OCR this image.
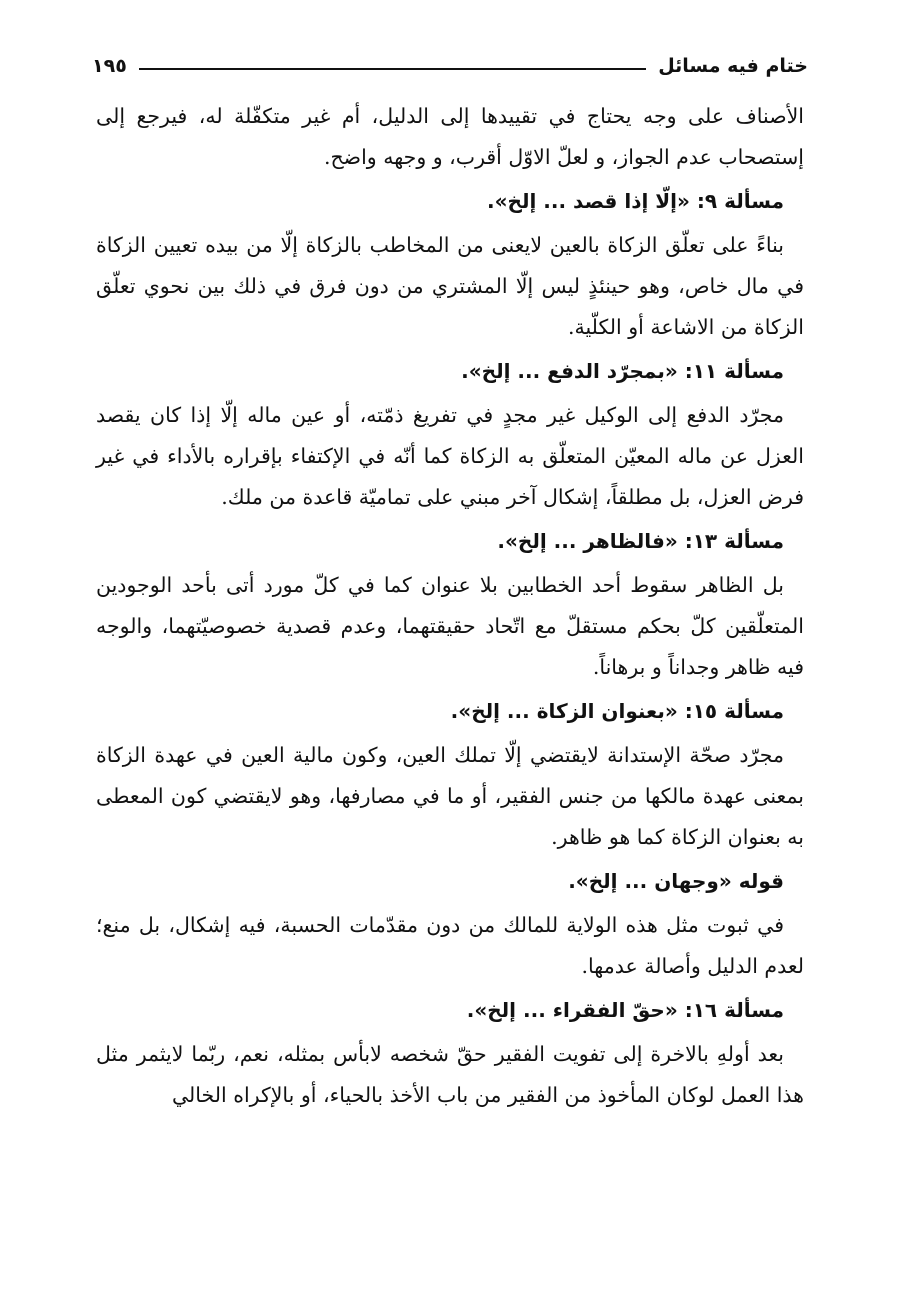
ختام فيه مسائل
١٩٥

الأصناف على وجه يحتاج في تقييدها إلى الدليل، أم غير متكفّلة له، فيرجع إلى إستصحاب عدم الجواز، و لعلّ الاوّل أقرب، و وجهه واضح.

مسألة ٩: «إلّا إذا قصد ... إلخ».

بناءً على تعلّق الزكاة بالعين لايعنى من المخاطب بالزكاة إلّا من بيده تعيين الزكاة في مال خاص، وهو حينئذٍ ليس إلّا المشتري من دون فرق في ذلك بين نحوي تعلّق الزكاة من الاشاعة أو الكلّية.

مسألة ١١: «بمجرّد الدفع ... إلخ».

مجرّد الدفع إلى الوكيل غير مجدٍ في تفريغ ذمّته، أو عين ماله إلّا إذا كان يقصد العزل عن ماله المعيّن المتعلّق به الزكاة كما أنّه في الإكتفاء بإقراره بالأداء في غير فرض العزل، بل مطلقاً، إشكال آخر مبني على تماميّة قاعدة من ملك.

مسألة ١٣: «فالظاهر ... إلخ».

بل الظاهر سقوط أحد الخطابين بلا عنوان كما في كلّ مورد أتى بأحد الوجودين المتعلّقين كلّ بحكم مستقلّ مع اتّحاد حقيقتهما، وعدم قصدية خصوصيّتهما، والوجه فيه ظاهر وجداناً و برهاناً.

مسألة ١٥: «بعنوان الزكاة ... إلخ».

مجرّد صحّة الإستدانة لايقتضي إلّا تملك العين، وكون مالية العين في عهدة الزكاة بمعنى عهدة مالكها من جنس الفقير، أو ما في مصارفها، وهو لايقتضي كون المعطى به بعنوان الزكاة كما هو ظاهر.

قوله «وجهان ... إلخ».

في ثبوت مثل هذه الولاية للمالك من دون مقدّمات الحسبة، فيه إشكال، بل منع؛ لعدم الدليل وأصالة عدمها.

مسألة ١٦: «حقّ الفقراء ... إلخ».

بعد أولهِ بالاخرة إلى تفويت الفقير حقّ شخصه لابأس بمثله، نعم، ربّما لايثمر مثل هذا العمل لوكان المأخوذ من الفقير من باب الأخذ بالحياء، أو بالإكراه الخالي
